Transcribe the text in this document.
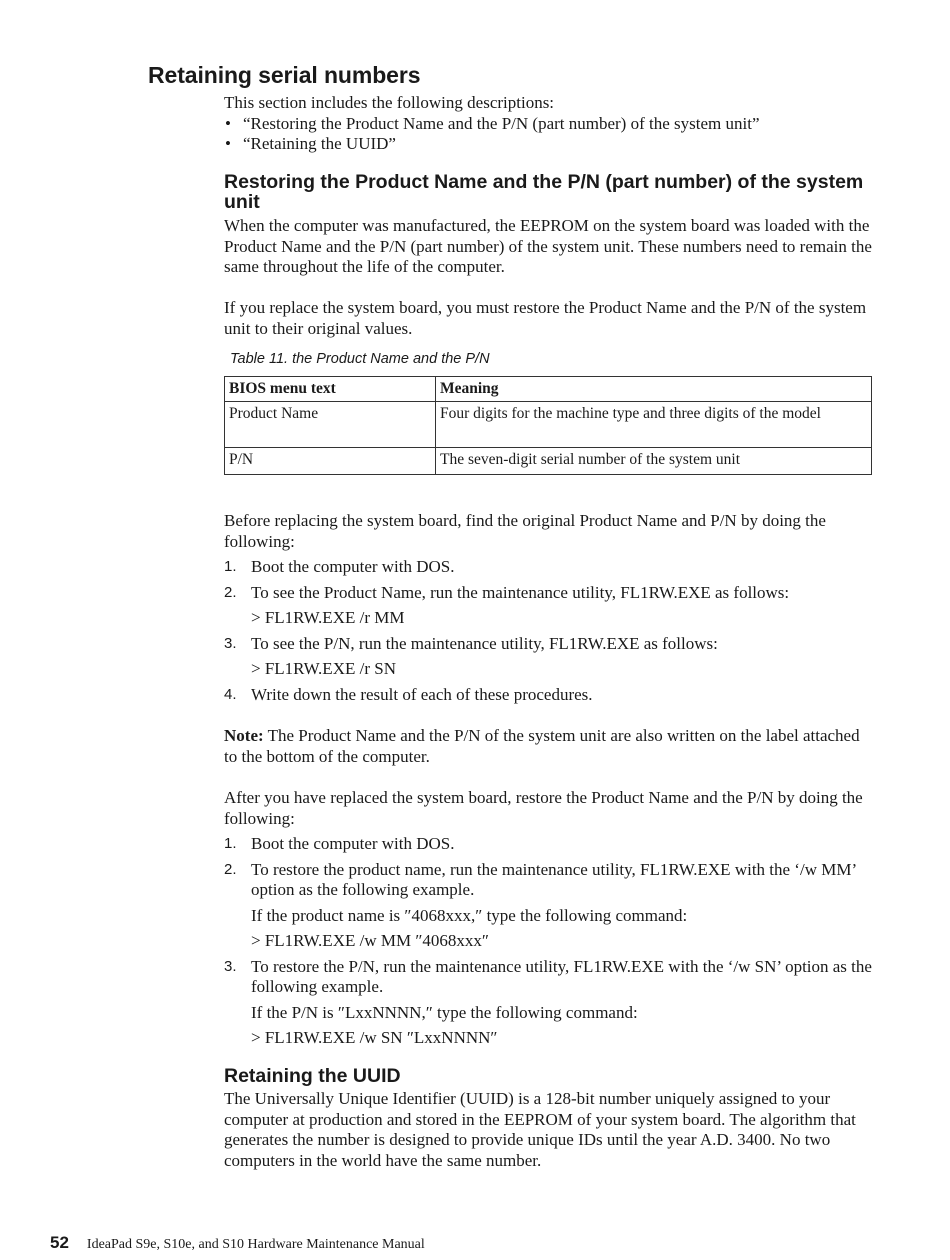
Retaining serial numbers

This section includes the following descriptions:

• “Restoring the Product Name and the P/N (part number) of the system unit”
• “Retaining the UUID”
Restoring the Product Name and the P/N (part number) of the system unit

When the computer was manufactured, the EEPROM on the system board was loaded with the Product Name and the P/N (part number) of the system unit. These numbers need to remain the same throughout the life of the computer.

If you replace the system board, you must restore the Product Name and the P/N of the system unit to their original values.

Table 11. the Product Name and the P/N

BIOS menu text	Meaning
Product Name	Four digits for the machine type and three digits of the model
P/N	The seven-digit serial number of the system unit

Before replacing the system board, find the original Product Name and P/N by doing the following:

1. Boot the computer with DOS.
2. To see the Product Name, run the maintenance utility, FL1RW.EXE as follows:
> FL1RW.EXE /r MM
3. To see the P/N, run the maintenance utility, FL1RW.EXE as follows:
> FL1RW.EXE /r SN
4. Write down the result of each of these procedures.

Note: The Product Name and the P/N of the system unit are also written on the label attached to the bottom of the computer.

After you have replaced the system board, restore the Product Name and the P/N by doing the following:

1. Boot the computer with DOS.
2. To restore the product name, run the maintenance utility, FL1RW.EXE with the ‘/w MM’ option as the following example.
If the product name is ″4068xxx,″ type the following command:
> FL1RW.EXE /w MM ″4068xxx″
3. To restore the P/N, run the maintenance utility, FL1RW.EXE with the ‘/w SN’ option as the following example.
If the P/N is ″LxxNNNN,″ type the following command:
> FL1RW.EXE /w SN ″LxxNNNN″
Retaining the UUID

The Universally Unique Identifier (UUID) is a 128-bit number uniquely assigned to your computer at production and stored in the EEPROM of your system board. The algorithm that generates the number is designed to provide unique IDs until the year A.D. 3400. No two computers in the world have the same number.

52 IdeaPad S9e, S10e, and S10 Hardware Maintenance Manual
